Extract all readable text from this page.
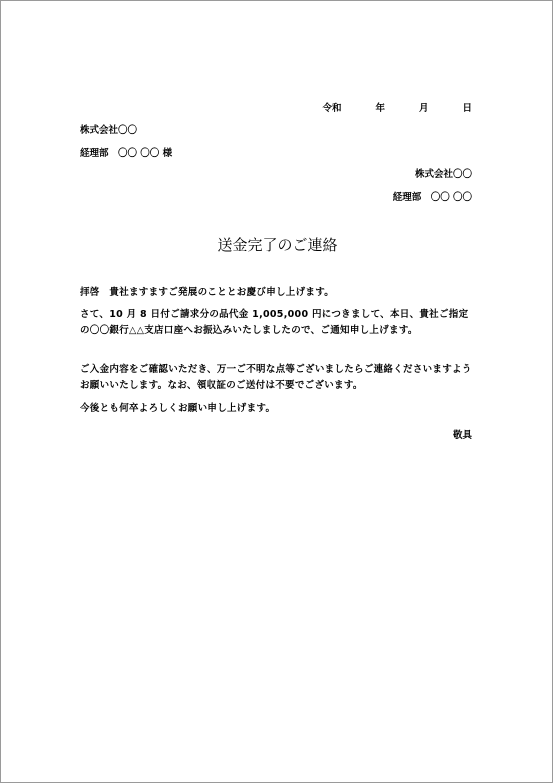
令和	年	月	日
株式会社〇〇
経理部　〇〇 〇〇 様
株式会社〇〇
経理部　〇〇 〇〇
送金完了のご連絡
拝啓　貴社ますますご発展のこととお慶び申し上げます。
さて、10 月 8 日付ご請求分の品代金 1,005,000 円につきまして、本日、貴社ご指定の〇〇銀行△△支店口座へお振込みいたしましたので、ご通知申し上げます。
ご入金内容をご確認いただき、万一ご不明な点等ございましたらご連絡くださいますようお願いいたします。なお、領収証のご送付は不要でございます。
今後とも何卒よろしくお願い申し上げます。
敬具
